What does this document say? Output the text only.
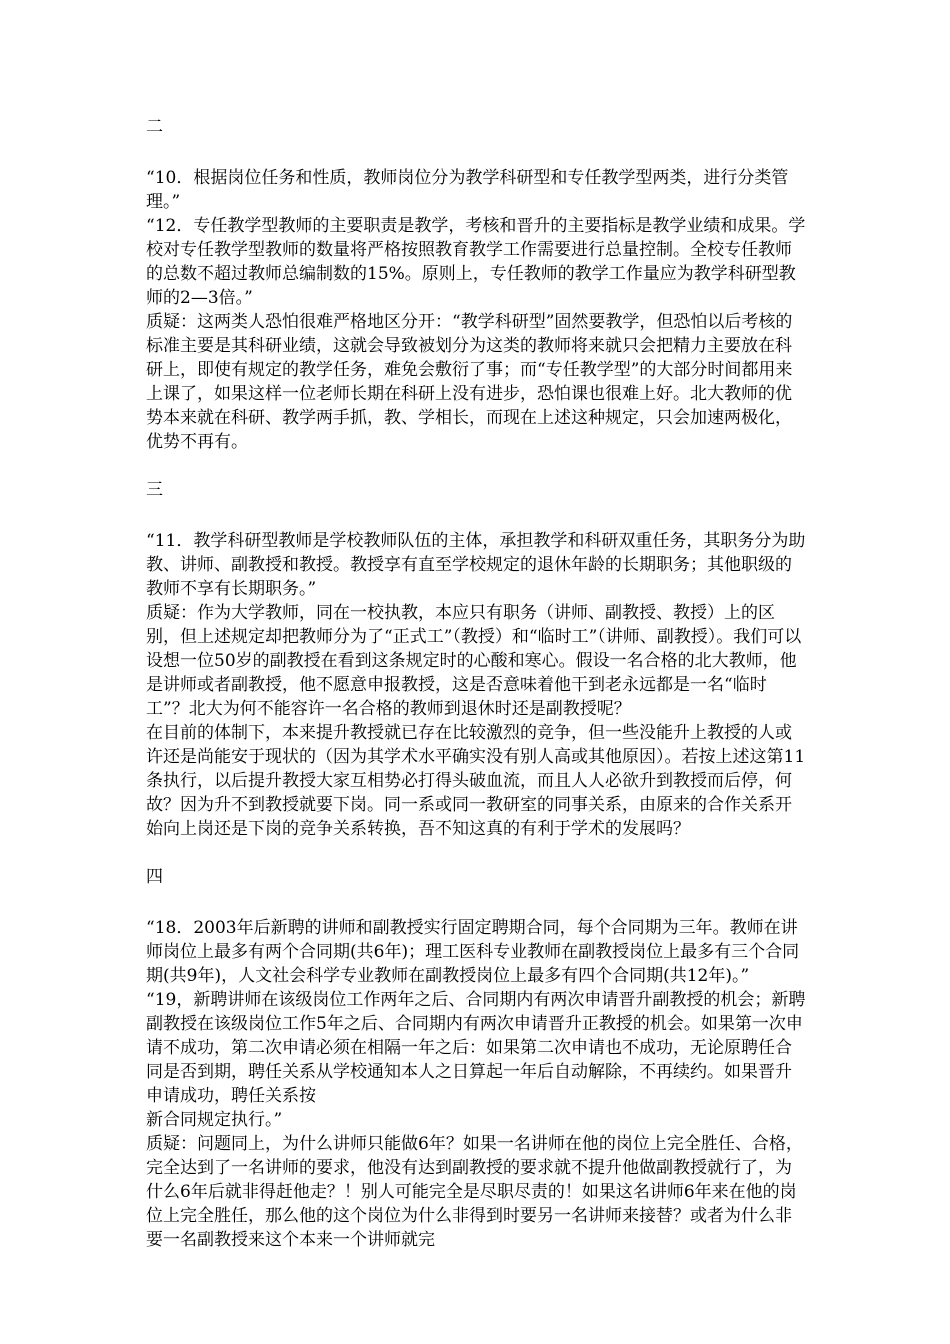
二

“10．根据岗位任务和性质，教师岗位分为教学科研型和专任教学型两类，进行分类管理。”

“12．专任教学型教师的主要职责是教学，考核和晋升的主要指标是教学业绩和成果。学校对专任教学型教师的数量将严格按照教育教学工作需要进行总量控制。全校专任教师的总数不超过教师总编制数的15%。原则上，专任教师的教学工作量应为教学科研型教师的2—3倍。”

质疑：这两类人恐怕很难严格地区分开：“教学科研型”固然要教学，但恐怕以后考核的标准主要是其科研业绩，这就会导致被划分为这类的教师将来就只会把精力主要放在科研上，即使有规定的教学任务，难免会敷衍了事；而“专任教学型”的大部分时间都用来上课了，如果这样一位老师长期在科研上没有进步，恐怕课也很难上好。北大教师的优势本来就在科研、教学两手抓，教、学相长，而现在上述这种规定，只会加速两极化，优势不再有。

三

“11．教学科研型教师是学校教师队伍的主体，承担教学和科研双重任务，其职务分为助教、讲师、副教授和教授。教授享有直至学校规定的退休年龄的长期职务；其他职级的教师不享有长期职务。”

质疑：作为大学教师，同在一校执教，本应只有职务（讲师、副教授、教授）上的区别，但上述规定却把教师分为了“正式工”（教授）和“临时工”（讲师、副教授）。我们可以设想一位50岁的副教授在看到这条规定时的心酸和寒心。假设一名合格的北大教师，他是讲师或者副教授，他不愿意申报教授，这是否意味着他干到老永远都是一名“临时工”？北大为何不能容许一名合格的教师到退休时还是副教授呢？

在目前的体制下，本来提升教授就已存在比较激烈的竞争，但一些没能升上教授的人或许还是尚能安于现状的（因为其学术水平确实没有别人高或其他原因）。若按上述这第11条执行，以后提升教授大家互相势必打得头破血流，而且人人必欲升到教授而后停，何故？因为升不到教授就要下岗。同一系或同一教研室的同事关系，由原来的合作关系开始向上岗还是下岗的竞争关系转换，吾不知这真的有利于学术的发展吗？

四

“18．2003年后新聘的讲师和副教授实行固定聘期合同，每个合同期为三年。教师在讲师岗位上最多有两个合同期(共6年)；理工医科专业教师在副教授岗位上最多有三个合同期(共9年)，人文社会科学专业教师在副教授岗位上最多有四个合同期(共12年)。”

“19，新聘讲师在该级岗位工作两年之后、合同期内有两次申请晋升副教授的机会；新聘副教授在该级岗位工作5年之后、合同期内有两次申请晋升正教授的机会。如果第一次申请不成功，第二次申请必须在相隔一年之后：如果第二次申请也不成功，无论原聘任合同是否到期，聘任关系从学校通知本人之日算起一年后自动解除，不再续约。如果晋升申请成功，聘任关系按

新合同规定执行。”

质疑：问题同上，为什么讲师只能做6年？如果一名讲师在他的岗位上完全胜任、合格，完全达到了一名讲师的要求，他没有达到副教授的要求就不提升他做副教授就行了，为什么6年后就非得赶他走？！别人可能完全是尽职尽责的！如果这名讲师6年来在他的岗位上完全胜任，那么他的这个岗位为什么非得到时要另一名讲师来接替？或者为什么非要一名副教授来这个本来一个讲师就完
